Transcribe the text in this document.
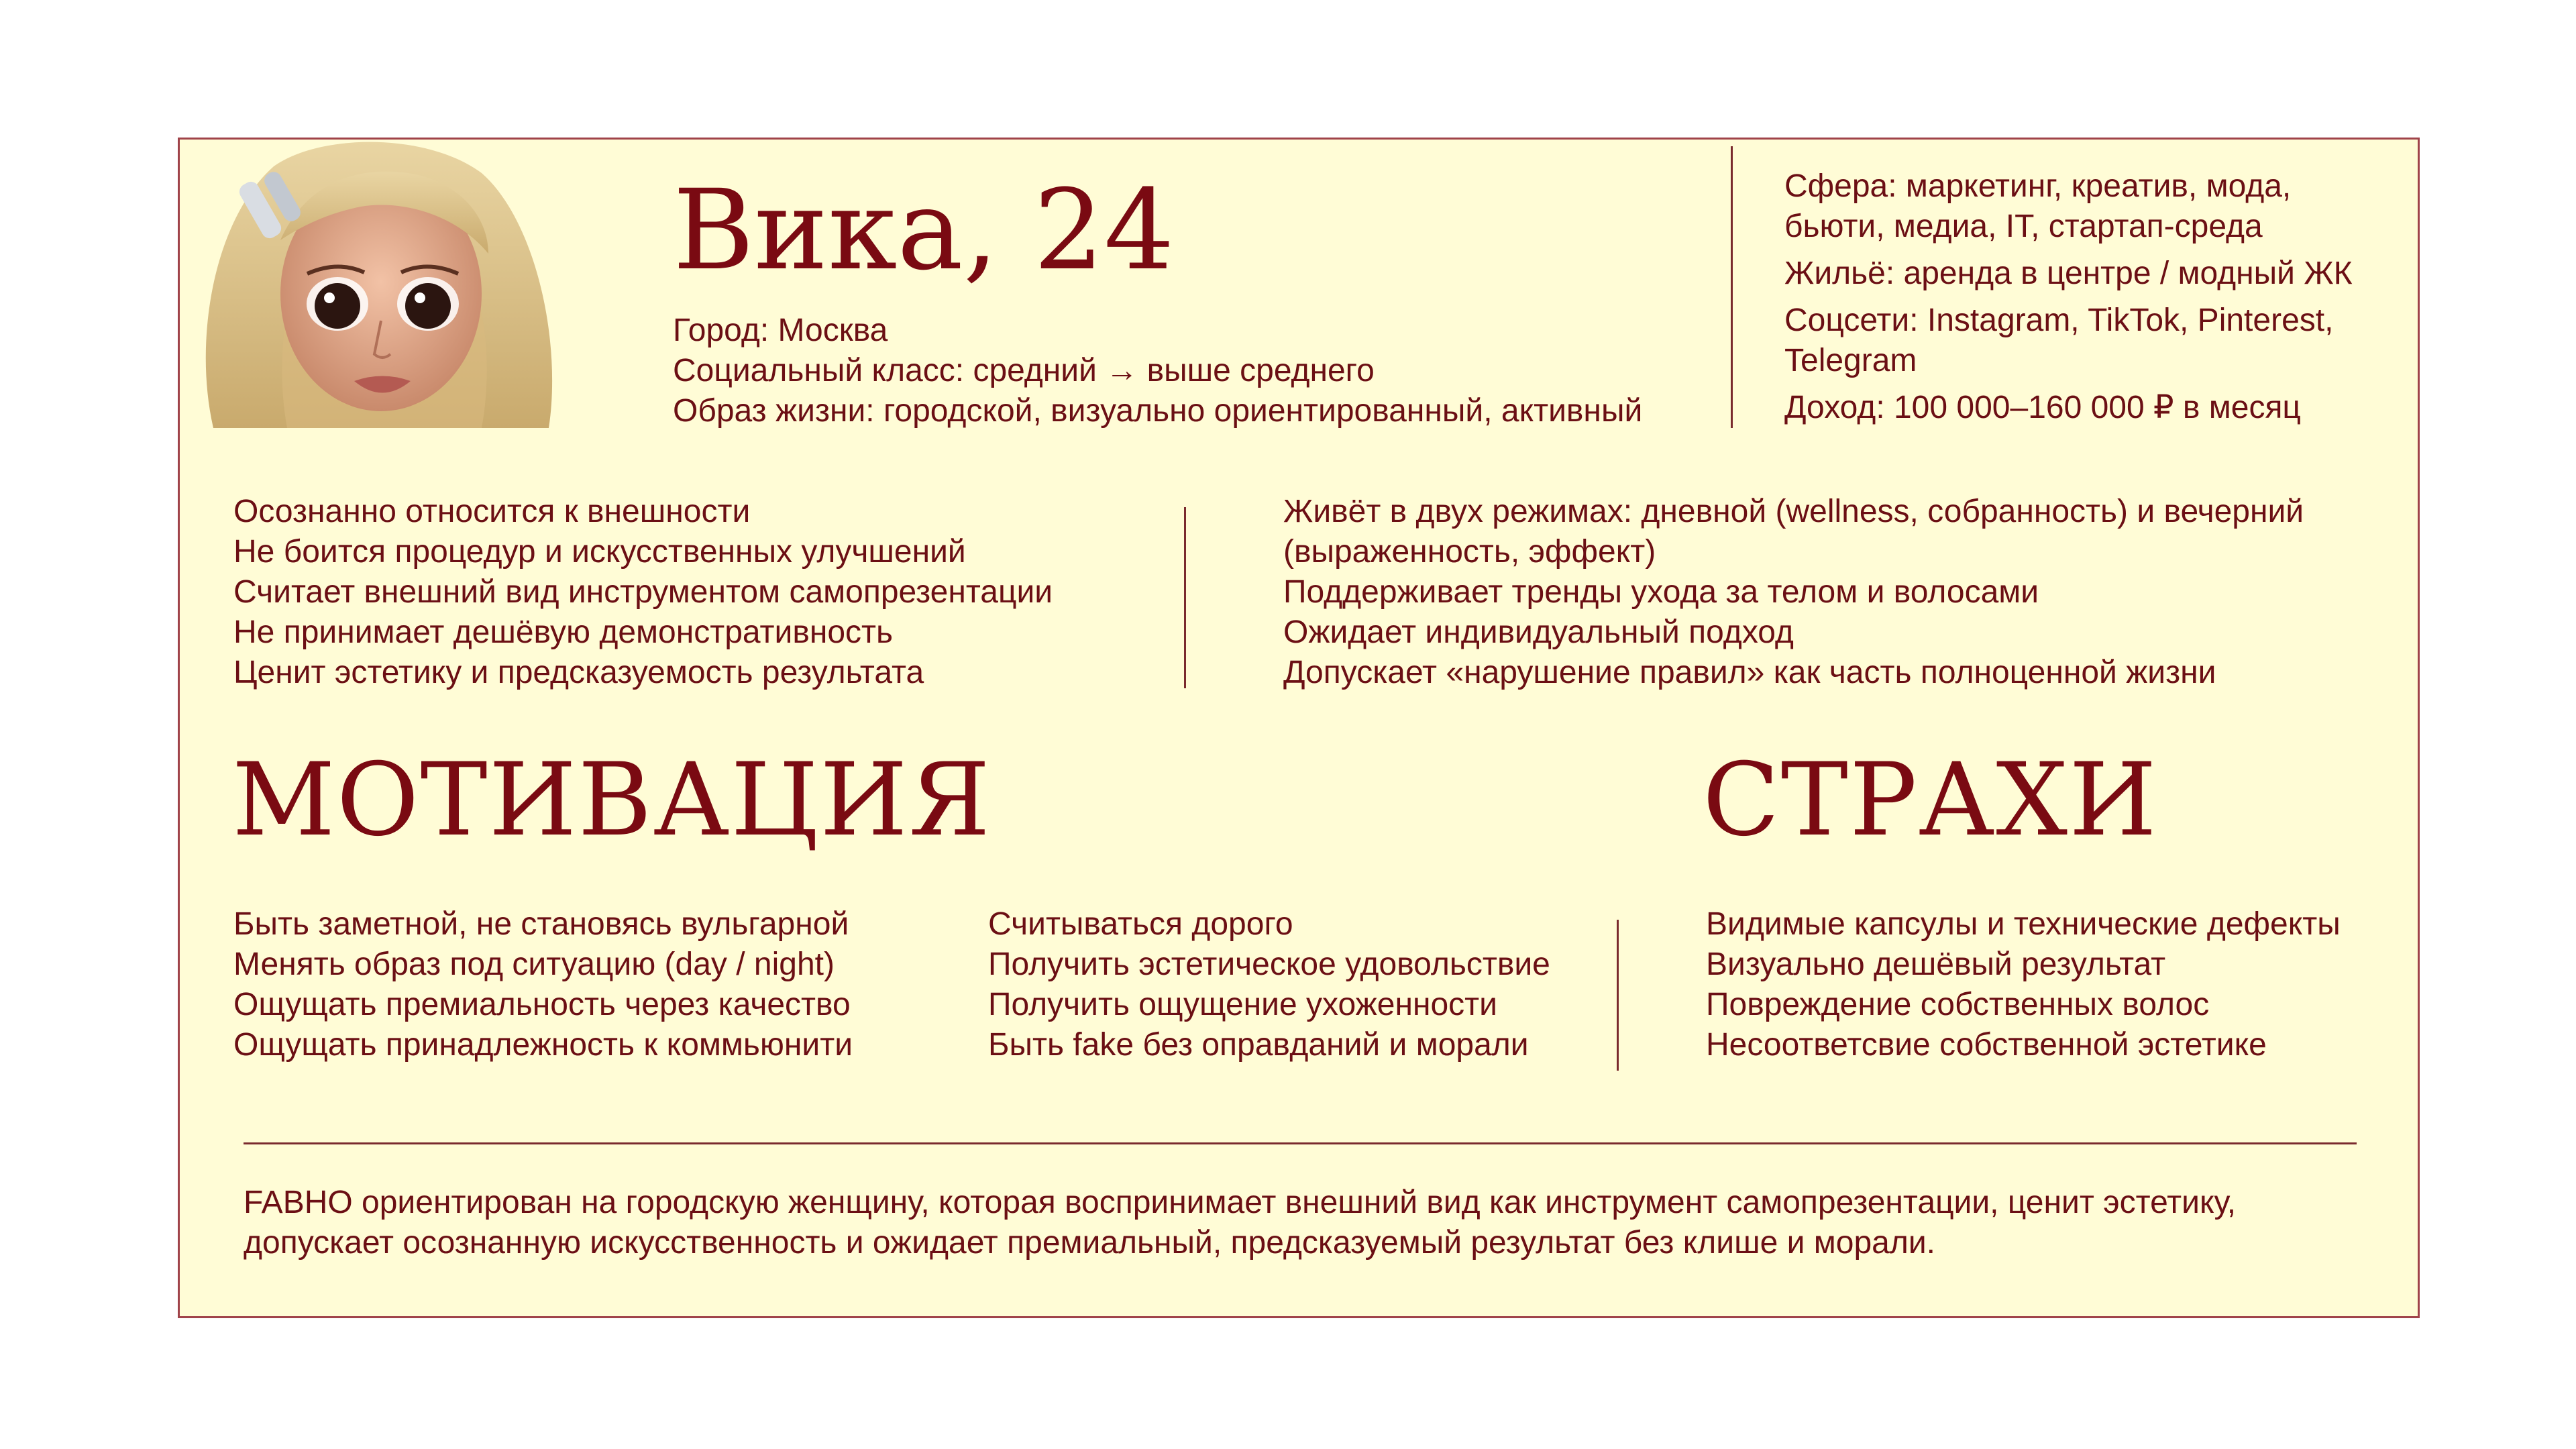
Вика, 24
Город: Москва
Социальный класс: средний → выше среднего
Образ жизни: городской, визуально ориентированный, активный
Сфера: маркетинг, креатив, мода,
бьюти, медиа, IT, стартап-среда
Жильё: аренда в центре / модный ЖК
Соцсети: Instagram, TikTok, Pinterest,
Telegram
Доход: 100 000–160 000 ₽ в месяц
Осознанно относится к внешности
Не боится процедур и искусственных улучшений
Считает внешний вид инструментом самопрезентации
Не принимает дешёвую демонстративность
Ценит эстетику и предсказуемость результата
Живёт в двух режимах: дневной (wellness, собранность) и вечерний
(выраженность, эффект)
Поддерживает тренды ухода за телом и волосами
Ожидает индивидуальный подход
Допускает «нарушение правил» как часть полноценной жизни
МОТИВАЦИЯ	СТРАХИ
Быть заметной, не становясь вульгарной
Менять образ под ситуацию (day / night)
Ощущать премиальность через качество
Ощущать принадлежность к коммьюнити
Считываться дорого
Получить эстетическое удовольствие
Получить ощущение ухоженности
Быть fake без оправданий и морали
Видимые капсулы и технические дефекты
Визуально дешёвый результат
Повреждение собственных волос
Несоответсвие собственной эстетике
FABHO ориентирован на городскую женщину, которая воспринимает внешний вид как инструмент самопрезентации, ценит эстетику,
допускает осознанную искусственность и ожидает премиальный, предсказуемый результат без клише и морали.
